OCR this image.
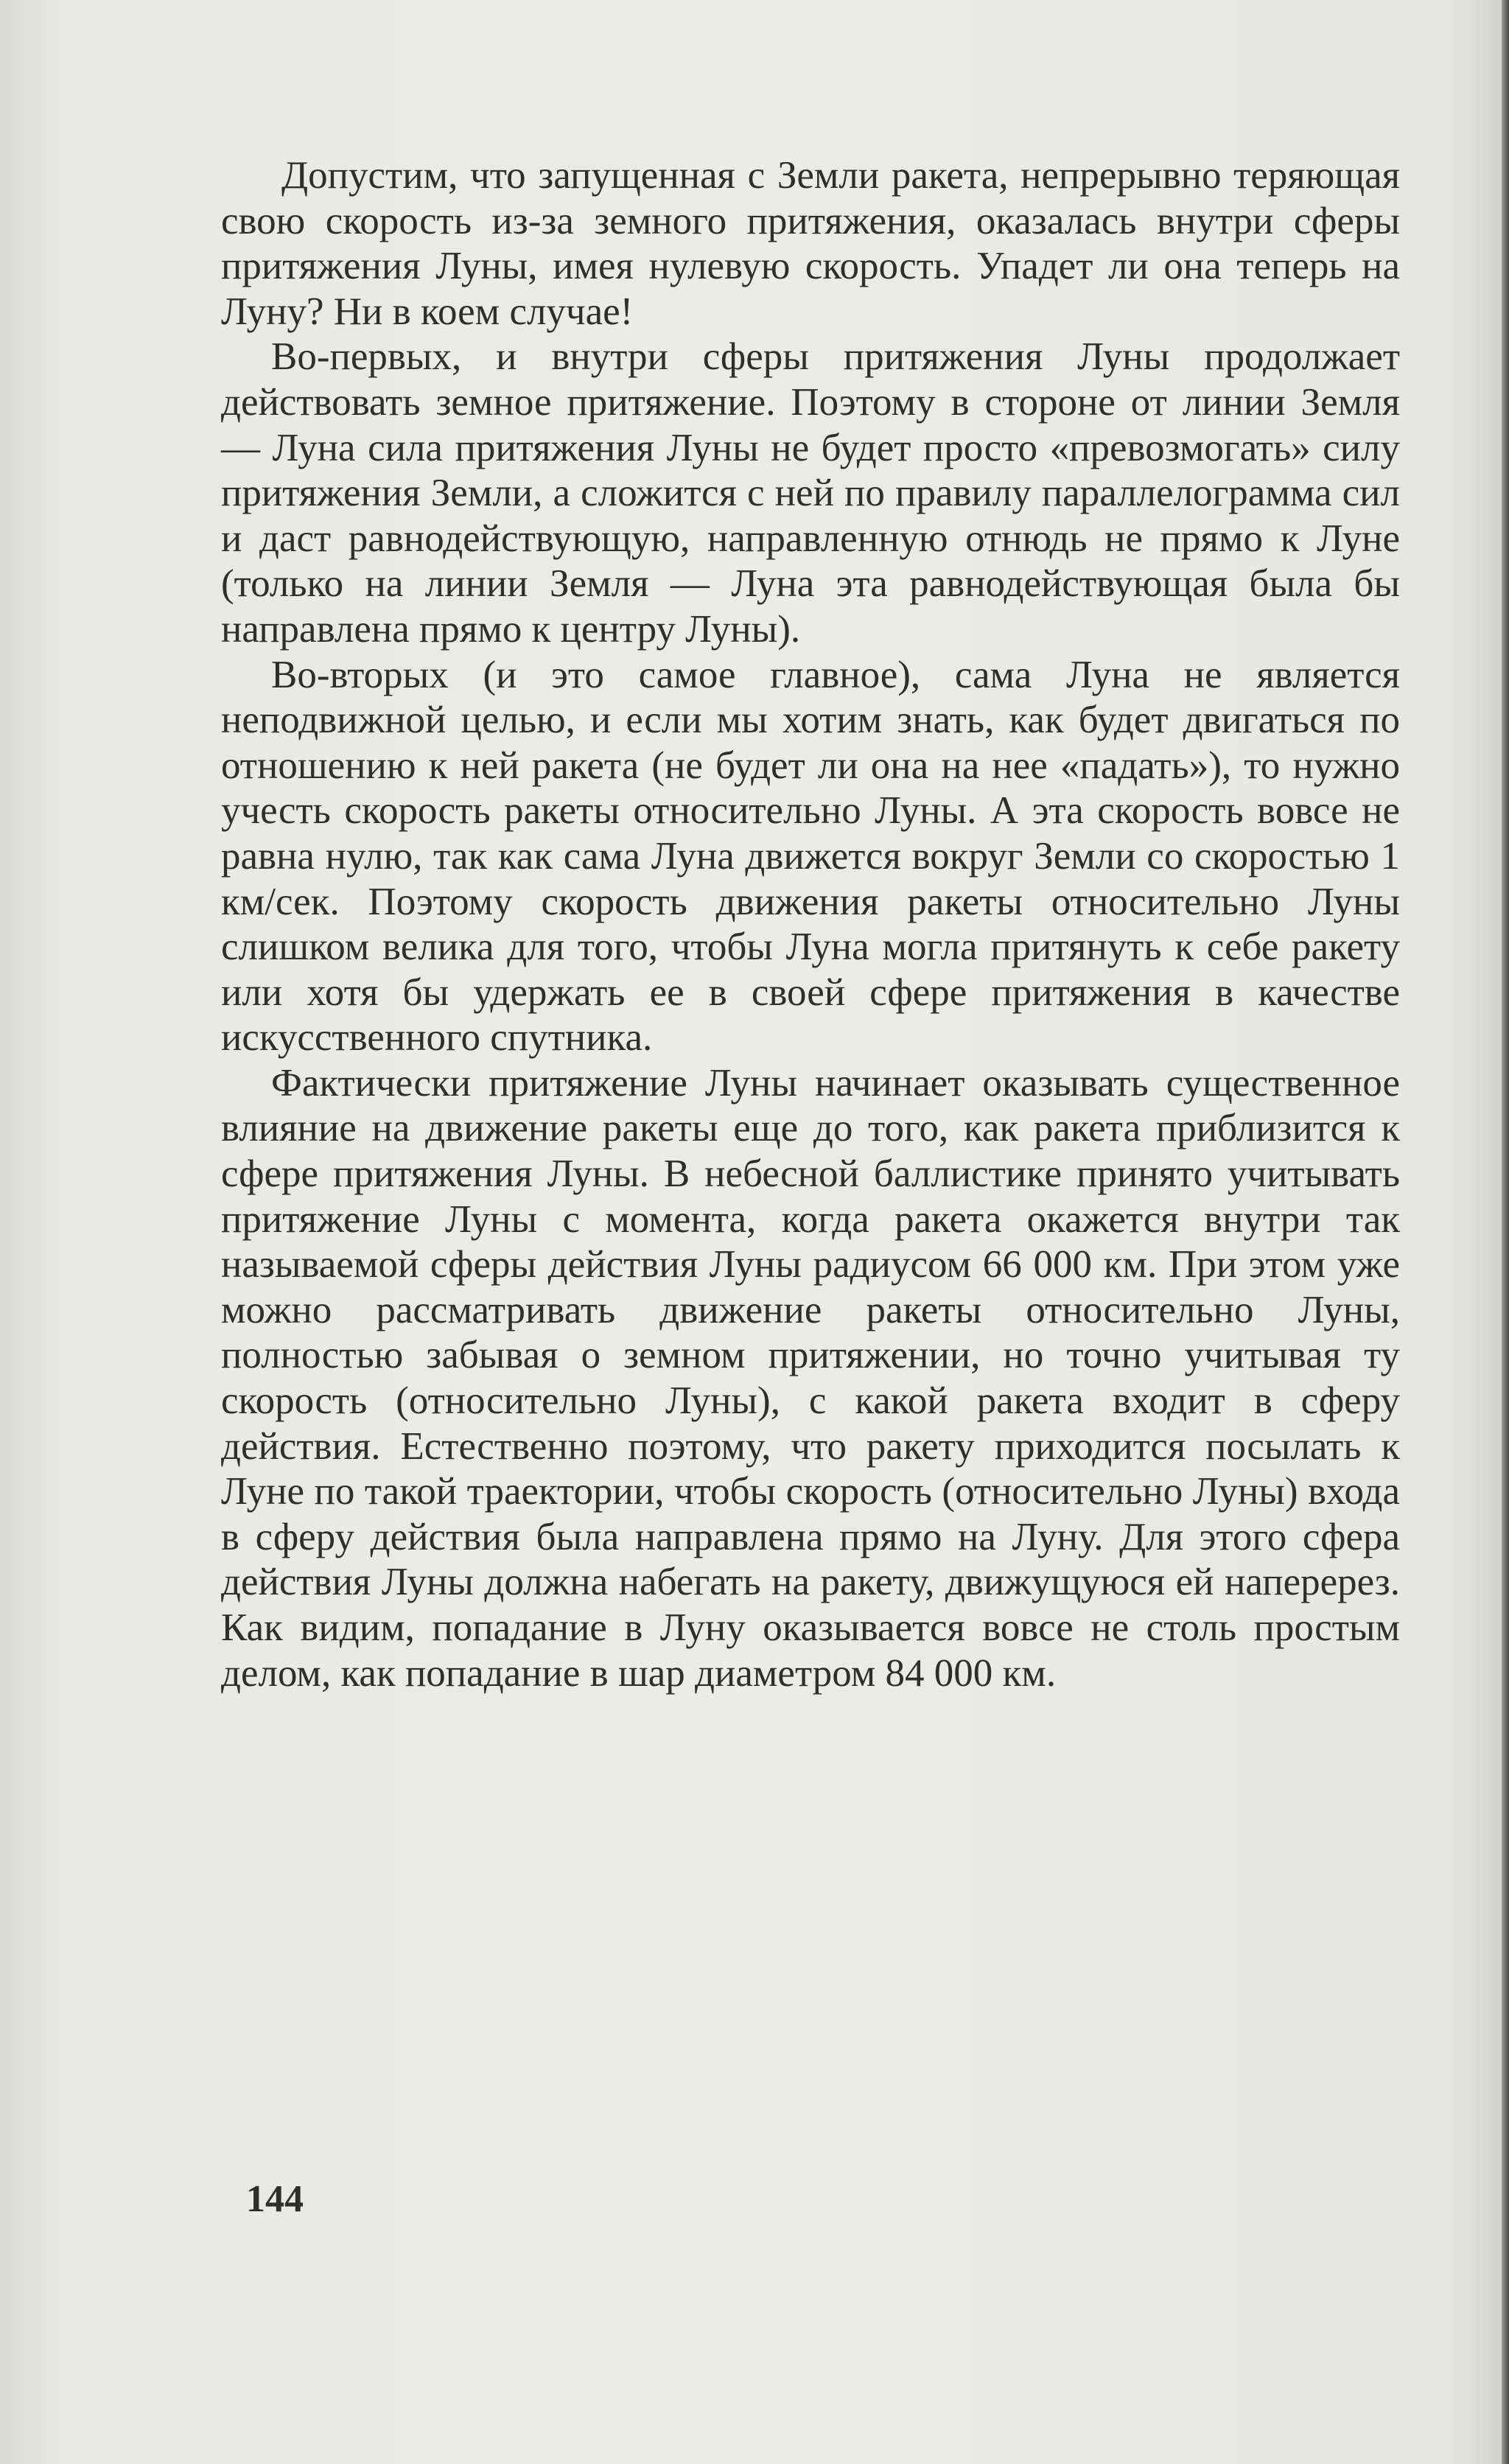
Допустим, что запущенная с Земли ракета, непрерывно теряющая свою скорость из-за земного притяжения, оказалась внутри сферы притяжения Луны, имея нулевую скорость. Упадет ли она теперь на Луну? Ни в коем случае!

Во-первых, и внутри сферы притяжения Луны продолжает действовать земное притяжение. Поэтому в стороне от линии Земля — Луна сила притяжения Луны не будет просто «превозмогать» силу притяжения Земли, а сложится с ней по правилу параллелограмма сил и даст равнодействующую, направленную отнюдь не прямо к Луне (только на линии Земля — Луна эта равнодействующая была бы направлена прямо к центру Луны).

Во-вторых (и это самое главное), сама Луна не является неподвижной целью, и если мы хотим знать, как будет двигаться по отношению к ней ракета (не будет ли она на нее «падать»), то нужно учесть скорость ракеты относительно Луны. А эта скорость вовсе не равна нулю, так как сама Луна движется вокруг Земли со скоростью 1 км/сек. Поэтому скорость движения ракеты относительно Луны слишком велика для того, чтобы Луна могла притянуть к себе ракету или хотя бы удержать ее в своей сфере притяжения в качестве искусственного спутника.

Фактически притяжение Луны начинает оказывать существенное влияние на движение ракеты еще до того, как ракета приблизится к сфере притяжения Луны. В небесной баллистике принято учитывать притяжение Луны с момента, когда ракета окажется внутри так называемой сферы действия Луны радиусом 66 000 км. При этом уже можно рассматривать движение ракеты относительно Луны, полностью забывая о земном притяжении, но точно учитывая ту скорость (относительно Луны), с какой ракета входит в сферу действия. Естественно поэтому, что ракету приходится посылать к Луне по такой траектории, чтобы скорость (относительно Луны) входа в сферу действия была направлена прямо на Луну. Для этого сфера действия Луны должна набегать на ракету, движущуюся ей наперерез. Как видим, попадание в Луну оказывается вовсе не столь простым делом, как попадание в шар диаметром 84 000 км.

144
